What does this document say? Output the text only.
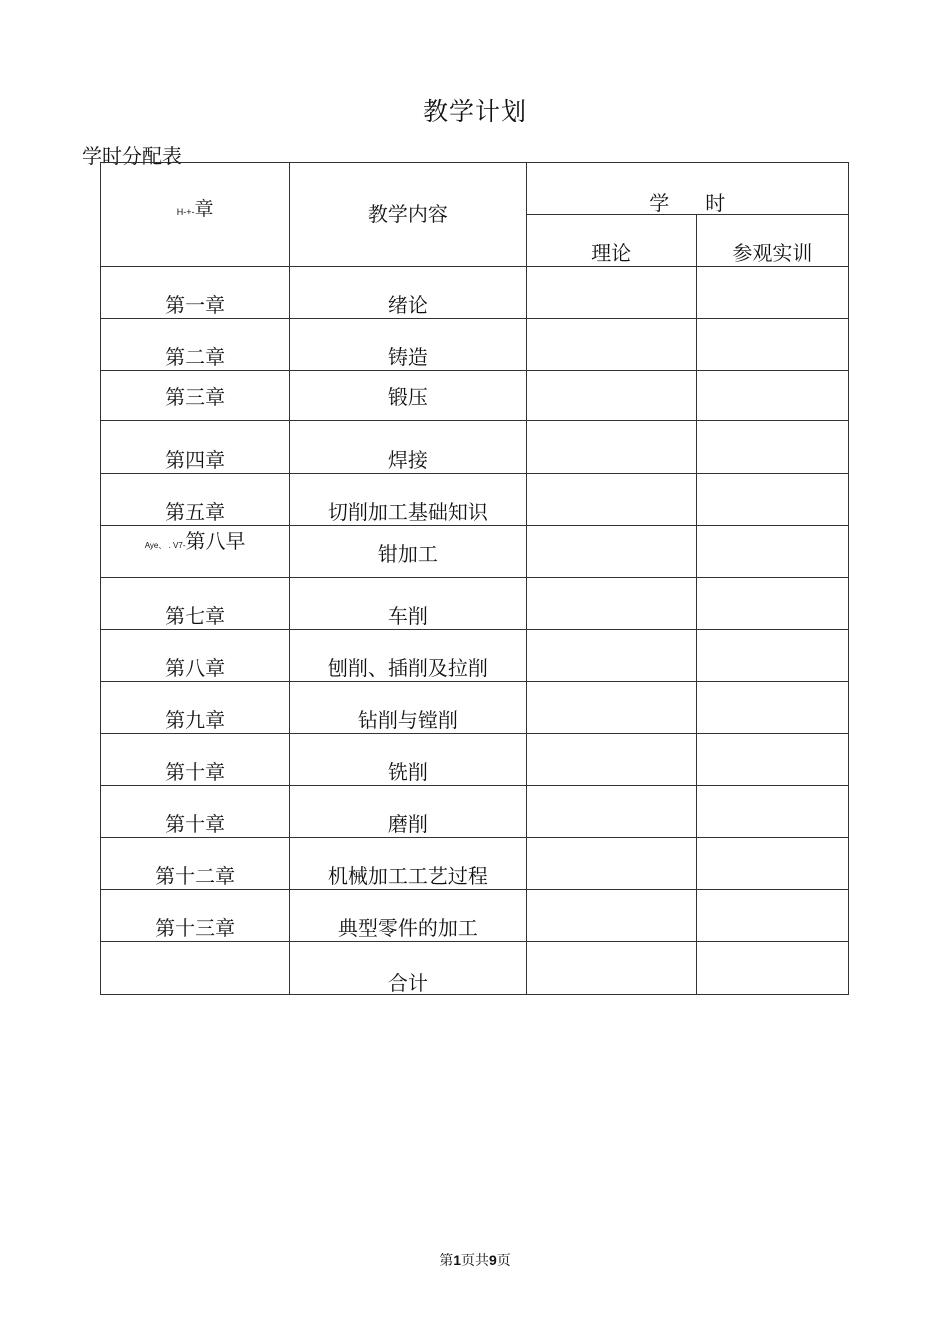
教学计划
学时分配表
H-+-章	教学内容	学时	

		理论	参观实训

第一章	绪论		

第二章	铸造		

第三章	锻压		

第四章	焊接		

第五章	切削加工基础知识		

Aye、 . V7-第八早	钳加工		

第七章	车削		

第八章	刨削、插削及拉削		

第九章	钻削与镗削		

第十章	铣削		

第十章	磨削		

第十二章	机械加工工艺过程		

第十三章	典型零件的加工		

	合计		

第1页共9页
